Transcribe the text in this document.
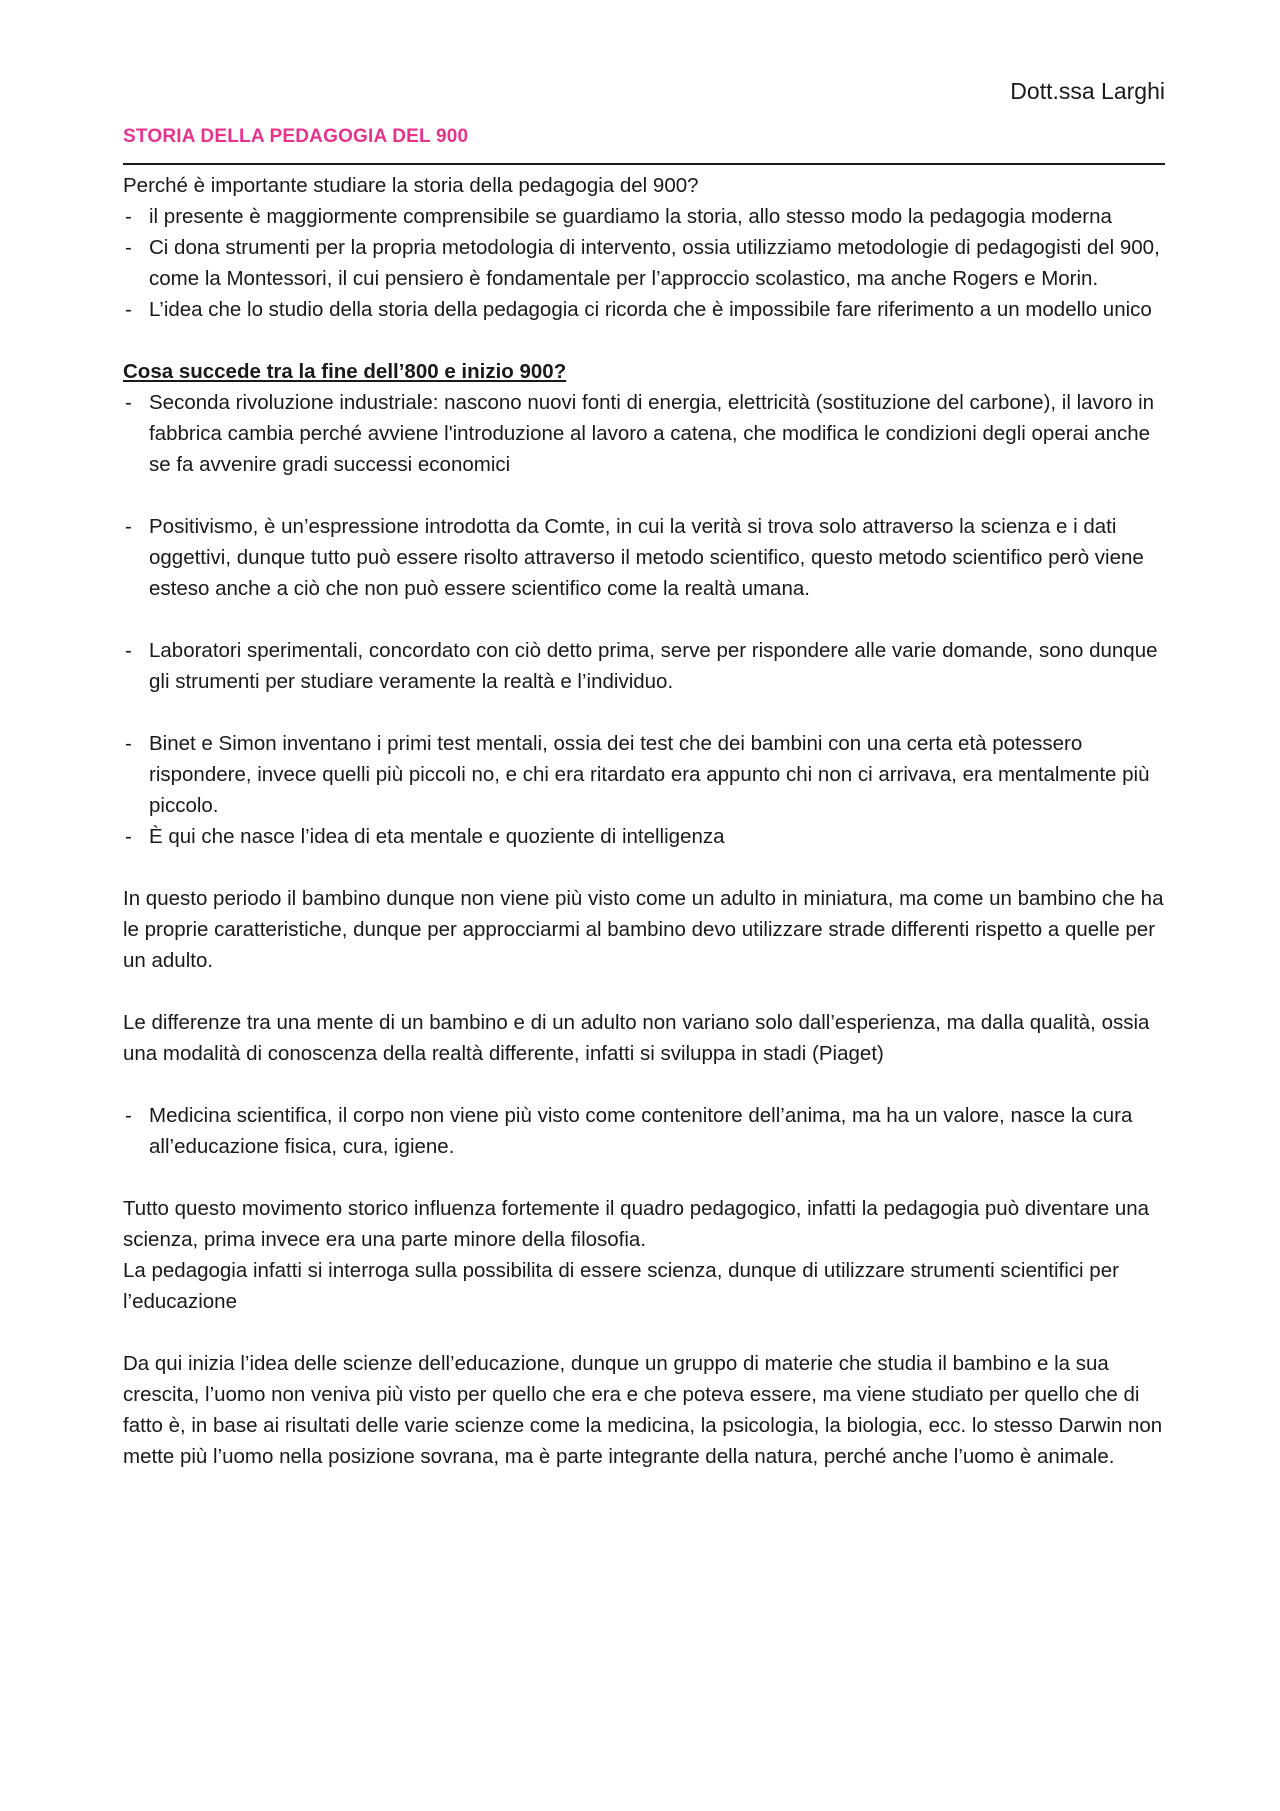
Dott.ssa Larghi
STORIA DELLA PEDAGOGIA DEL 900

Perché è importante studiare la storia della pedagogia del 900?

- il presente è maggiormente comprensibile se guardiamo la storia, allo stesso modo la pedagogia moderna

- Ci dona strumenti per la propria metodologia di intervento, ossia utilizziamo metodologie di pedagogisti del 900, come la Montessori, il cui pensiero è fondamentale per l’approccio scolastico, ma anche Rogers e Morin.

- L’idea che lo studio della storia della pedagogia ci ricorda che è impossibile fare riferimento a un modello unico

Cosa succede tra la fine dell’800 e inizio 900?

- Seconda rivoluzione industriale: nascono nuovi fonti di energia, elettricità (sostituzione del carbone), il lavoro in fabbrica cambia perché avviene l'introduzione al lavoro a catena, che modifica le condizioni degli operai anche se fa avvenire gradi successi economici

- Positivismo, è un’espressione introdotta da Comte, in cui la verità si trova solo attraverso la scienza e i dati oggettivi, dunque tutto può essere risolto attraverso il metodo scientifico, questo metodo scientifico però viene esteso anche a ciò che non può essere scientifico come la realtà umana.

- Laboratori sperimentali, concordato con ciò detto prima, serve per rispondere alle varie domande, sono dunque gli strumenti per studiare veramente la realtà e l’individuo.

- Binet e Simon inventano i primi test mentali, ossia dei test che dei bambini con una certa età potessero rispondere, invece quelli più piccoli no, e chi era ritardato era appunto chi non ci arrivava, era mentalmente più piccolo.

- È qui che nasce l’idea di eta mentale e quoziente di intelligenza

In questo periodo il bambino dunque non viene più visto come un adulto in miniatura, ma come un bambino che ha le proprie caratteristiche, dunque per approcciarmi al bambino devo utilizzare strade differenti rispetto a quelle per un adulto.

Le differenze tra una mente di un bambino e di un adulto non variano solo dall’esperienza, ma dalla qualità, ossia una modalità di conoscenza della realtà differente, infatti si sviluppa in stadi (Piaget)

- Medicina scientifica, il corpo non viene più visto come contenitore dell’anima, ma ha un valore, nasce la cura all’educazione fisica, cura, igiene.

Tutto questo movimento storico influenza fortemente il quadro pedagogico, infatti la pedagogia può diventare una scienza, prima invece era una parte minore della filosofia.

La pedagogia infatti si interroga sulla possibilita di essere scienza, dunque di utilizzare strumenti scientifici per l’educazione

Da qui inizia l’idea delle scienze dell’educazione, dunque un gruppo di materie che studia il bambino e la sua crescita, l’uomo non veniva più visto per quello che era e che poteva essere, ma viene studiato per quello che di fatto è, in base ai risultati delle varie scienze come la medicina, la psicologia, la biologia, ecc. lo stesso Darwin non mette più l’uomo nella posizione sovrana, ma è parte integrante della natura, perché anche l’uomo è animale.
